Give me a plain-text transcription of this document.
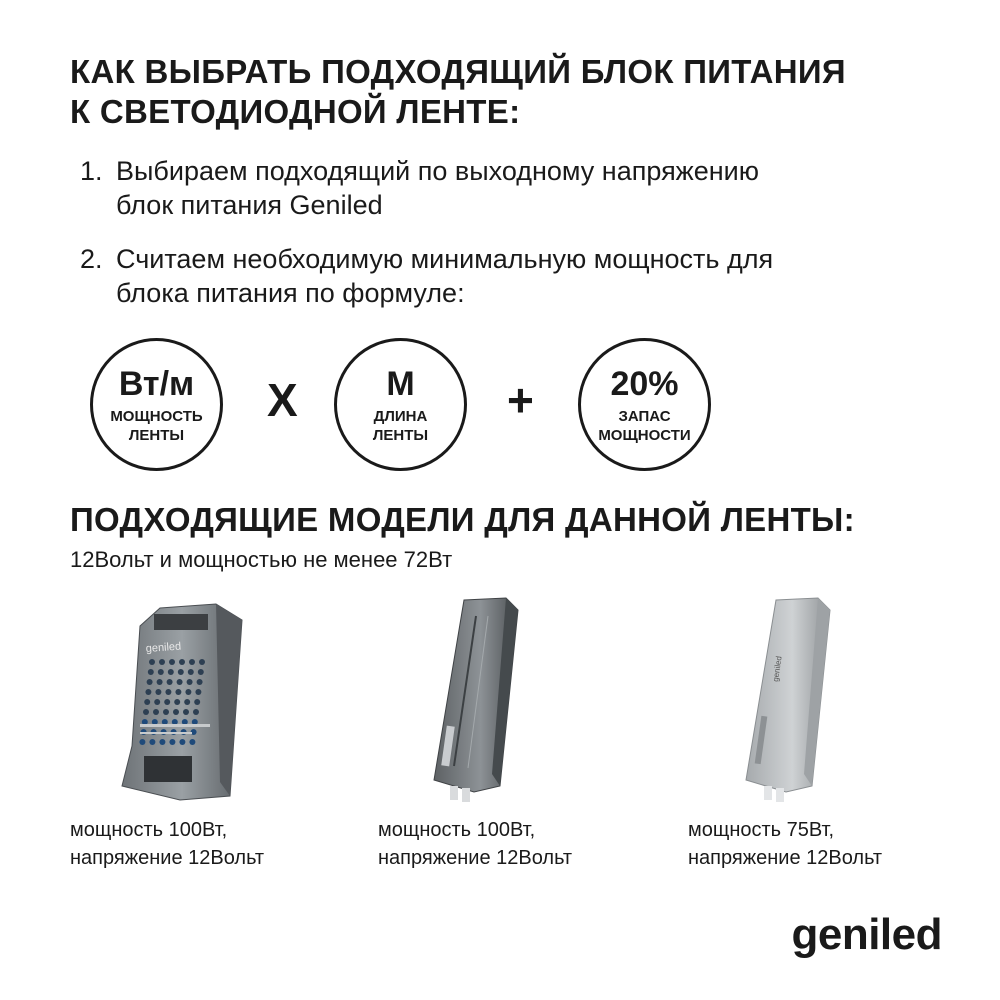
КАК ВЫБРАТЬ ПОДХОДЯЩИЙ БЛОК ПИТАНИЯ
К СВЕТОДИОДНОЙ ЛЕНТЕ:
1. Выбираем подходящий по выходному напряжению
блок питания Geniled
2. Считаем необходимую минимальную мощность для
блока питания по формуле:
Вт/м
МОЩНОСТЬ
ЛЕНТЫ
Х	М
ДЛИНА
ЛЕНТЫ
+ 20%
ЗАПАС
МОЩНОСТИ
ПОДХОДЯЩИЕ МОДЕЛИ ДЛЯ ДАННОЙ ЛЕНТЫ:
12Вольт и мощностью не менее 72Вт
geniled
мощность 100Вт,
напряжение 12Вольт
мощность 100Вт,
напряжение 12Вольт
geniled
мощность 75Вт,
напряжение 12Вольт
geniled
